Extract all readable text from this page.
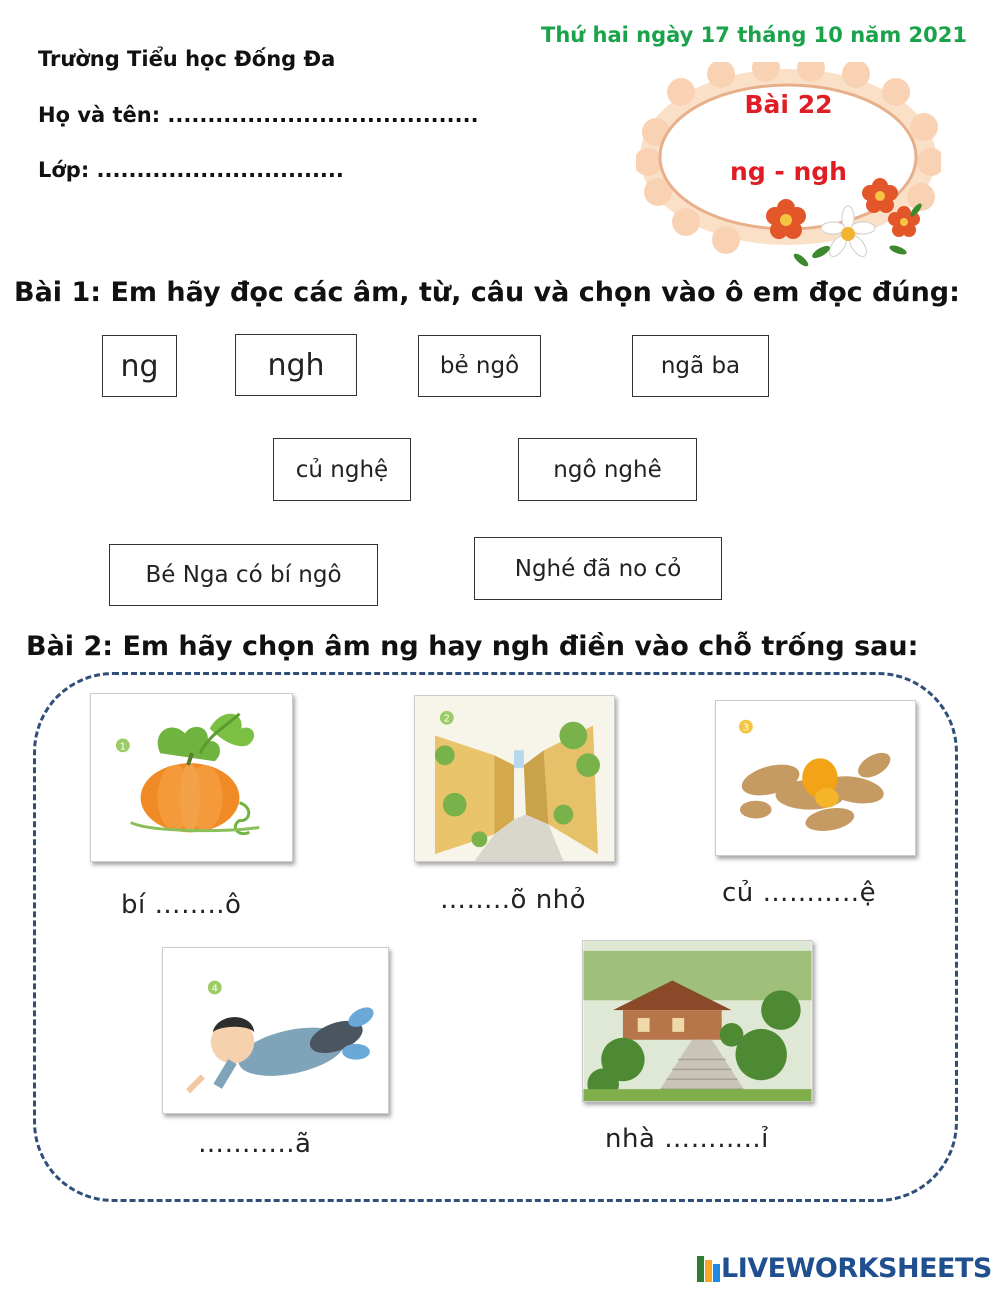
Trường Tiểu học Đống Đa
Họ và tên: .......................................
Lớp: ...............................
Thứ hai ngày 17 tháng 10 năm 2021
Bài 22
ng - ngh
Bài 1: Em hãy đọc các âm, từ, câu và chọn vào ô em đọc đúng:
ng	ngh	bẻ ngô	ngã ba
củ nghệ	ngô nghê
Bé Nga có bí ngô	Nghé đã no cỏ
Bài 2: Em hãy chọn âm ng hay ngh điền vào chỗ trống sau:
1
2
3
4
bí ……..ô	……..õ nhỏ	củ ………..ệ
………..ã	nhà ………..ỉ
LIVEWORKSHEETS
